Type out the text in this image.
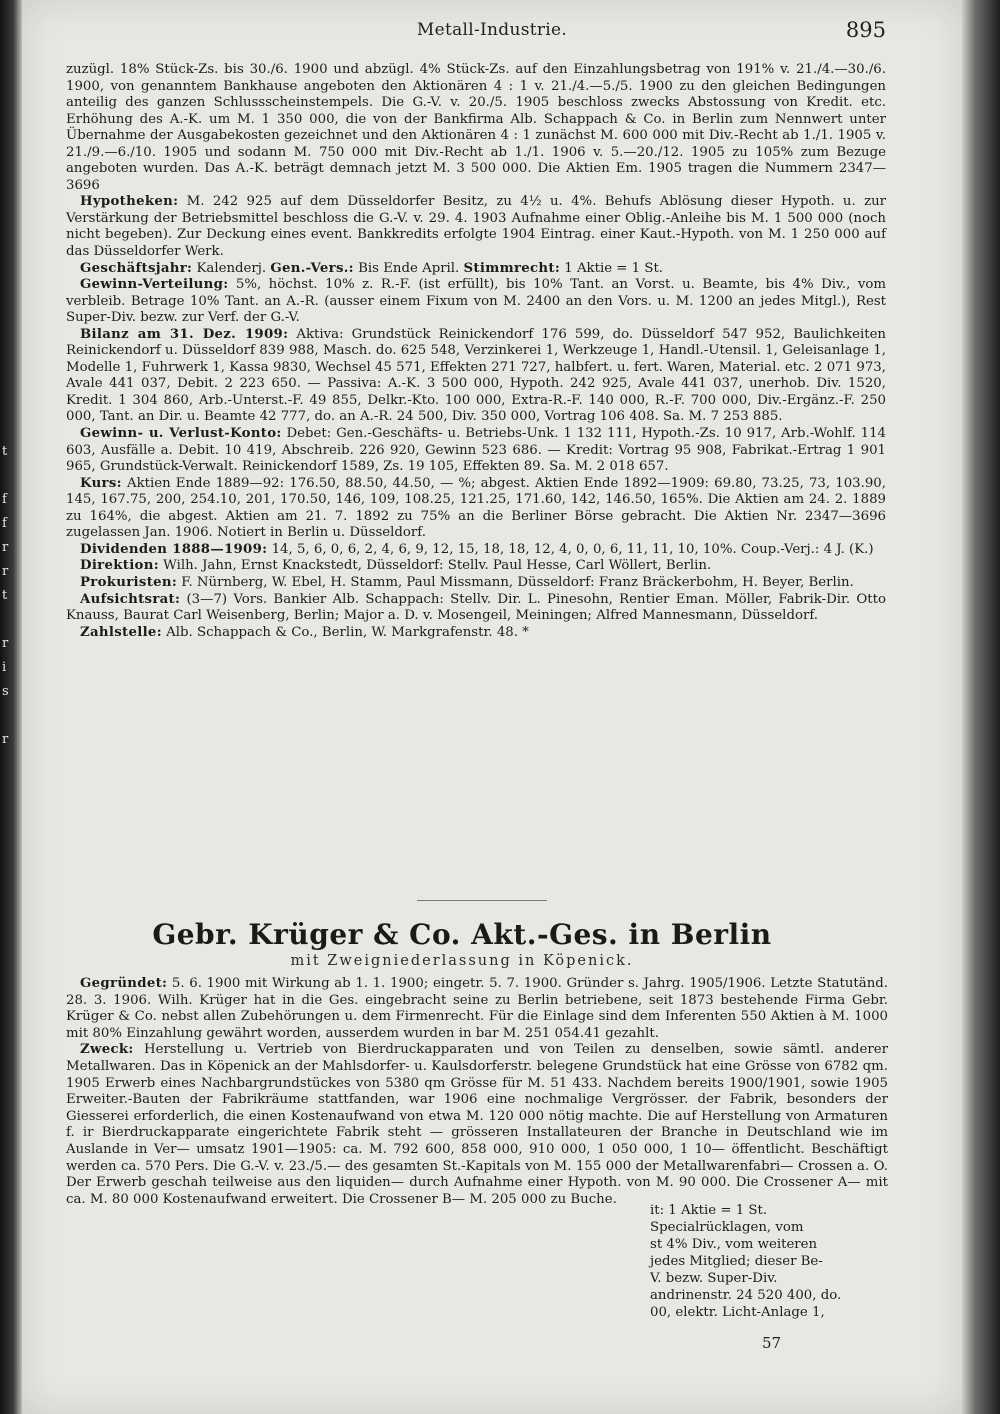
t

f
f
r
r
t

r
i
s

r
Metall-Industrie.	895

zuzügl. 18% Stück-Zs. bis 30./6. 1900 und abzügl. 4% Stück-Zs. auf den Einzahlungsbetrag von 191% v. 21./4.—30./6. 1900, von genanntem Bankhause angeboten den Aktionären 4 : 1 v. 21./4.—5./5. 1900 zu den gleichen Bedingungen anteilig des ganzen Schlussscheinstempels. Die G.-V. v. 20./5. 1905 beschloss zwecks Abstossung von Kredit. etc. Erhöhung des A.-K. um M. 1 350 000, die von der Bankfirma Alb. Schappach & Co. in Berlin zum Nennwert unter Übernahme der Ausgabekosten gezeichnet und den Aktionären 4 : 1 zunächst M. 600 000 mit Div.-Recht ab 1./1. 1905 v. 21./9.—6./10. 1905 und sodann M. 750 000 mit Div.-Recht ab 1./1. 1906 v. 5.—20./12. 1905 zu 105% zum Bezuge angeboten wurden. Das A.-K. beträgt demnach jetzt M. 3 500 000. Die Aktien Em. 1905 tragen die Nummern 2347—3696

Hypotheken: M. 242 925 auf dem Düsseldorfer Besitz, zu 4½ u. 4%. Behufs Ablösung dieser Hypoth. u. zur Verstärkung der Betriebsmittel beschloss die G.-V. v. 29. 4. 1903 Aufnahme einer Oblig.-Anleihe bis M. 1 500 000 (noch nicht begeben). Zur Deckung eines event. Bankkredits erfolgte 1904 Eintrag. einer Kaut.-Hypoth. von M. 1 250 000 auf das Düsseldorfer Werk.

Geschäftsjahr: Kalenderj. Gen.-Vers.: Bis Ende April. Stimmrecht: 1 Aktie = 1 St.

Gewinn-Verteilung: 5%, höchst. 10% z. R.-F. (ist erfüllt), bis 10% Tant. an Vorst. u. Beamte, bis 4% Div., vom verbleib. Betrage 10% Tant. an A.-R. (ausser einem Fixum von M. 2400 an den Vors. u. M. 1200 an jedes Mitgl.), Rest Super-Div. bezw. zur Verf. der G.-V.

Bilanz am 31. Dez. 1909: Aktiva: Grundstück Reinickendorf 176 599, do. Düsseldorf 547 952, Baulichkeiten Reinickendorf u. Düsseldorf 839 988, Masch. do. 625 548, Verzinkerei 1, Werkzeuge 1, Handl.-Utensil. 1, Geleisanlage 1, Modelle 1, Fuhrwerk 1, Kassa 9830, Wechsel 45 571, Effekten 271 727, halbfert. u. fert. Waren, Material. etc. 2 071 973, Avale 441 037, Debit. 2 223 650. — Passiva: A.-K. 3 500 000, Hypoth. 242 925, Avale 441 037, unerhob. Div. 1520, Kredit. 1 304 860, Arb.-Unterst.-F. 49 855, Delkr.-Kto. 100 000, Extra-R.-F. 140 000, R.-F. 700 000, Div.-Ergänz.-F. 250 000, Tant. an Dir. u. Beamte 42 777, do. an A.-R. 24 500, Div. 350 000, Vortrag 106 408. Sa. M. 7 253 885.

Gewinn- u. Verlust-Konto: Debet: Gen.-Geschäfts- u. Betriebs-Unk. 1 132 111, Hypoth.-Zs. 10 917, Arb.-Wohlf. 114 603, Ausfälle a. Debit. 10 419, Abschreib. 226 920, Gewinn 523 686. — Kredit: Vortrag 95 908, Fabrikat.-Ertrag 1 901 965, Grundstück-Verwalt. Reinickendorf 1589, Zs. 19 105, Effekten 89. Sa. M. 2 018 657.

Kurs: Aktien Ende 1889—92: 176.50, 88.50, 44.50, — %; abgest. Aktien Ende 1892—1909: 69.80, 73.25, 73, 103.90, 145, 167.75, 200, 254.10, 201, 170.50, 146, 109, 108.25, 121.25, 171.60, 142, 146.50, 165%. Die Aktien am 24. 2. 1889 zu 164%, die abgest. Aktien am 21. 7. 1892 zu 75% an die Berliner Börse gebracht. Die Aktien Nr. 2347—3696 zugelassen Jan. 1906. Notiert in Berlin u. Düsseldorf.

Dividenden 1888—1909: 14, 5, 6, 0, 6, 2, 4, 6, 9, 12, 15, 18, 18, 12, 4, 0, 0, 6, 11, 11, 10, 10%. Coup.-Verj.: 4 J. (K.)

Direktion: Wilh. Jahn, Ernst Knackstedt, Düsseldorf: Stellv. Paul Hesse, Carl Wöllert, Berlin.

Prokuristen: F. Nürnberg, W. Ebel, H. Stamm, Paul Missmann, Düsseldorf: Franz Bräckerbohm, H. Beyer, Berlin.

Aufsichtsrat: (3—7) Vors. Bankier Alb. Schappach: Stellv. Dir. L. Pinesohn, Rentier Eman. Möller, Fabrik-Dir. Otto Knauss, Baurat Carl Weisenberg, Berlin; Major a. D. v. Mosengeil, Meiningen; Alfred Mannesmann, Düsseldorf.

Zahlstelle: Alb. Schappach & Co., Berlin, W. Markgrafenstr. 48. *

Gebr. Krüger & Co. Akt.-Ges. in Berlin
mit Zweigniederlassung in Köpenick.

Gegründet: 5. 6. 1900 mit Wirkung ab 1. 1. 1900; eingetr. 5. 7. 1900. Gründer s. Jahrg. 1905/1906. Letzte Statutänd. 28. 3. 1906. Wilh. Krüger hat in die Ges. eingebracht seine zu Berlin betriebene, seit 1873 bestehende Firma Gebr. Krüger & Co. nebst allen Zubehörungen u. dem Firmenrecht. Für die Einlage sind dem Inferenten 550 Aktien à M. 1000 mit 80% Einzahlung gewährt worden, ausserdem wurden in bar M. 251 054.41 gezahlt.

Zweck: Herstellung u. Vertrieb von Bierdruckapparaten und von Teilen zu denselben, sowie sämtl. anderer Metallwaren. Das in Köpenick an der Mahlsdorfer- u. Kaulsdorferstr. belegene Grundstück hat eine Grösse von 6782 qm. 1905 Erwerb eines Nachbargrundstückes von 5380 qm Grösse für M. 51 433. Nachdem bereits 1900/1901, sowie 1905 Erweiter.-Bauten der Fabrikräume stattfanden, war 1906 eine nochmalige Vergrösser. der Fabrik, besonders der Giesserei erforderlich, die einen Kostenaufwand von etwa M. 120 000 nötig machte. Die auf Herstellung von Armaturen f. ir Bierdruckapparate eingerichtete Fabrik steht — grösseren Installateuren der Branche in Deutschland wie im Auslande in Ver— umsatz 1901—1905: ca. M. 792 600, 858 000, 910 000, 1 050 000, 1 10— öffentlicht. Beschäftigt werden ca. 570 Pers. Die G.-V. v. 23./5.— des gesamten St.-Kapitals von M. 155 000 der Metallwarenfabri— Crossen a. O. Der Erwerb geschah teilweise aus den liquiden— durch Aufnahme einer Hypoth. von M. 90 000. Die Crossener A— mit ca. M. 80 000 Kostenaufwand erweitert. Die Crossener B— M. 205 000 zu Buche.

it: 1 Aktie = 1 St.
Specialrücklagen, vom
st 4% Div., vom weiteren
jedes Mitglied; dieser Be-
V. bezw. Super-Div.
andrinenstr. 24 520 400, do.
00, elektr. Licht-Anlage 1,
57
